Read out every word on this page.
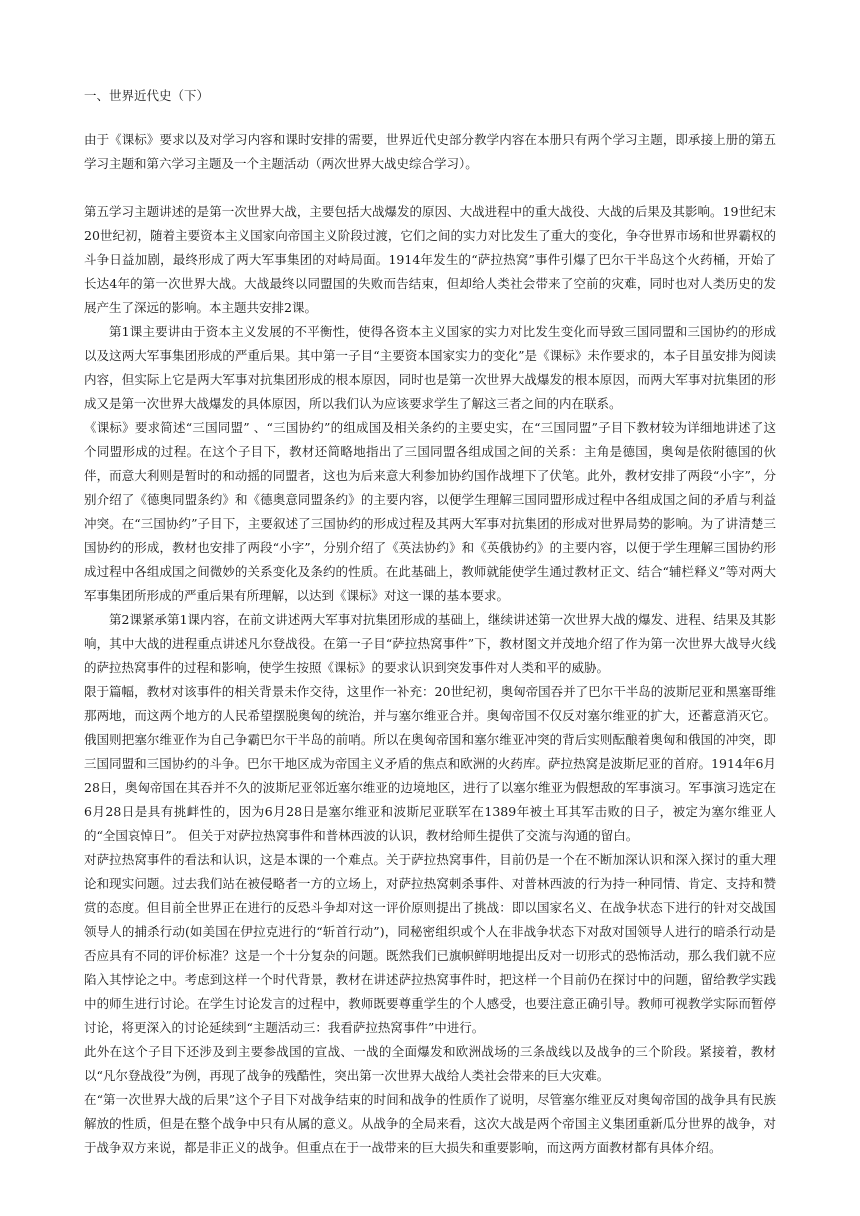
一、世界近代史（下）

由于《课标》要求以及对学习内容和课时安排的需要，世界近代史部分教学内容在本册只有两个学习主题，即承接上册的第五学习主题和第六学习主题及一个主题活动（两次世界大战史综合学习）。

第五学习主题讲述的是第一次世界大战，主要包括大战爆发的原因、大战进程中的重大战役、大战的后果及其影响。19世纪末20世纪初，随着主要资本主义国家向帝国主义阶段过渡，它们之间的实力对比发生了重大的变化，争夺世界市场和世界霸权的斗争日益加剧，最终形成了两大军事集团的对峙局面。1914年发生的“萨拉热窝”事件引爆了巴尔干半岛这个火药桶，开始了长达4年的第一次世界大战。大战最终以同盟国的失败而告结束，但却给人类社会带来了空前的灾难，同时也对人类历史的发展产生了深远的影响。本主题共安排2课。

第1课主要讲由于资本主义发展的不平衡性，使得各资本主义国家的实力对比发生变化而导致三国同盟和三国协约的形成以及这两大军事集团形成的严重后果。其中第一子目“主要资本国家实力的变化”是《课标》未作要求的，本子目虽安排为阅读内容，但实际上它是两大军事对抗集团形成的根本原因，同时也是第一次世界大战爆发的根本原因，而两大军事对抗集团的形成又是第一次世界大战爆发的具体原因，所以我们认为应该要求学生了解这三者之间的内在联系。

《课标》要求简述“三国同盟” 、“三国协约”的组成国及相关条约的主要史实，在“三国同盟”子目下教材较为详细地讲述了这个同盟形成的过程。在这个子目下，教材还简略地指出了三国同盟各组成国之间的关系：主角是德国，奥匈是依附德国的伙伴，而意大利则是暂时的和动摇的同盟者，这也为后来意大利参加协约国作战埋下了伏笔。此外，教材安排了两段“小字”，分别介绍了《德奥同盟条约》和《德奥意同盟条约》的主要内容，以便学生理解三国同盟形成过程中各组成国之间的矛盾与利益冲突。在“三国协约”子目下，主要叙述了三国协约的形成过程及其两大军事对抗集团的形成对世界局势的影响。为了讲清楚三国协约的形成，教材也安排了两段“小字”，分别介绍了《英法协约》和《英俄协约》的主要内容，以便于学生理解三国协约形成过程中各组成国之间微妙的关系变化及条约的性质。在此基础上，教师就能使学生通过教材正文、结合“辅栏释义”等对两大军事集团所形成的严重后果有所理解，以达到《课标》对这一课的基本要求。

第2课紧承第1课内容，在前文讲述两大军事对抗集团形成的基础上，继续讲述第一次世界大战的爆发、进程、结果及其影响，其中大战的进程重点讲述凡尔登战役。在第一子目“萨拉热窝事件”下，教材图文并茂地介绍了作为第一次世界大战导火线的萨拉热窝事件的过程和影响，使学生按照《课标》的要求认识到突发事件对人类和平的威胁。

限于篇幅，教材对该事件的相关背景未作交待，这里作一补充：20世纪初，奥匈帝国吞并了巴尔干半岛的波斯尼亚和黑塞哥维那两地，而这两个地方的人民希望摆脱奥匈的统治，并与塞尔维亚合并。奥匈帝国不仅反对塞尔维亚的扩大，还蓄意消灭它。俄国则把塞尔维亚作为自己争霸巴尔干半岛的前哨。所以在奥匈帝国和塞尔维亚冲突的背后实则酝酿着奥匈和俄国的冲突，即三国同盟和三国协约的斗争。巴尔干地区成为帝国主义矛盾的焦点和欧洲的火药库。萨拉热窝是波斯尼亚的首府。1914年6月28日，奥匈帝国在其吞并不久的波斯尼亚邻近塞尔维亚的边境地区，进行了以塞尔维亚为假想敌的军事演习。军事演习选定在6月28日是具有挑衅性的，因为6月28日是塞尔维亚和波斯尼亚联军在1389年被土耳其军击败的日子，被定为塞尔维亚人的“全国哀悼日”。 但关于对萨拉热窝事件和普林西波的认识，教材给师生提供了交流与沟通的留白。

对萨拉热窝事件的看法和认识，这是本课的一个难点。关于萨拉热窝事件，目前仍是一个在不断加深认识和深入探讨的重大理论和现实问题。过去我们站在被侵略者一方的立场上，对萨拉热窝刺杀事件、对普林西波的行为持一种同情、肯定、支持和赞赏的态度。但目前全世界正在进行的反恐斗争却对这一评价原则提出了挑战：即以国家名义、在战争状态下进行的针对交战国领导人的捕杀行动(如美国在伊拉克进行的“斩首行动”)，同秘密组织或个人在非战争状态下对敌对国领导人进行的暗杀行动是否应具有不同的评价标准？这是一个十分复杂的问题。既然我们已旗帜鲜明地提出反对一切形式的恐怖活动，那么我们就不应陷入其悖论之中。考虑到这样一个时代背景，教材在讲述萨拉热窝事件时，把这样一个目前仍在探讨中的问题，留给教学实践中的师生进行讨论。在学生讨论发言的过程中，教师既要尊重学生的个人感受，也要注意正确引导。教师可视教学实际而暂停讨论，将更深入的讨论延续到“主题活动三：我看萨拉热窝事件”中进行。

此外在这个子目下还涉及到主要参战国的宣战、一战的全面爆发和欧洲战场的三条战线以及战争的三个阶段。紧接着，教材以“凡尔登战役”为例，再现了战争的残酷性，突出第一次世界大战给人类社会带来的巨大灾难。

在“第一次世界大战的后果”这个子目下对战争结束的时间和战争的性质作了说明，尽管塞尔维亚反对奥匈帝国的战争具有民族解放的性质，但是在整个战争中只有从属的意义。从战争的全局来看，这次大战是两个帝国主义集团重新瓜分世界的战争，对于战争双方来说，都是非正义的战争。但重点在于一战带来的巨大损失和重要影响，而这两方面教材都有具体介绍。
